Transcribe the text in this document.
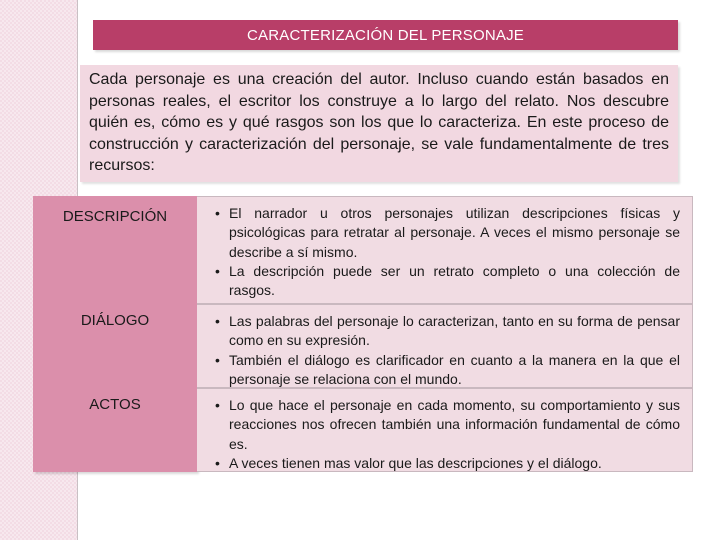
CARACTERIZACIÓN DEL PERSONAJE
Cada personaje es una creación del autor. Incluso cuando están basados en personas reales, el escritor los construye a lo largo del relato. Nos descubre quién es, cómo es y qué rasgos son los que lo caracteriza. En este proceso de construcción y caracterización del personaje, se vale fundamentalmente de tres recursos:
DESCRIPCIÓN	• El narrador u otros personajes utilizan descripciones físicas y psicológicas para retratar al personaje. A veces el mismo personaje se describe a sí mismo.
• La descripción puede ser un retrato completo o una colección de rasgos.
DIÁLOGO	• Las palabras del personaje lo caracterizan, tanto en su forma de pensar como en su expresión.
• También el diálogo es clarificador en cuanto a la manera en la que el personaje se relaciona con el mundo.
ACTOS	• Lo que hace el personaje en cada momento, su comportamiento y sus reacciones nos ofrecen también una información fundamental de cómo es.
• A veces tienen mas valor que las descripciones y el diálogo.
